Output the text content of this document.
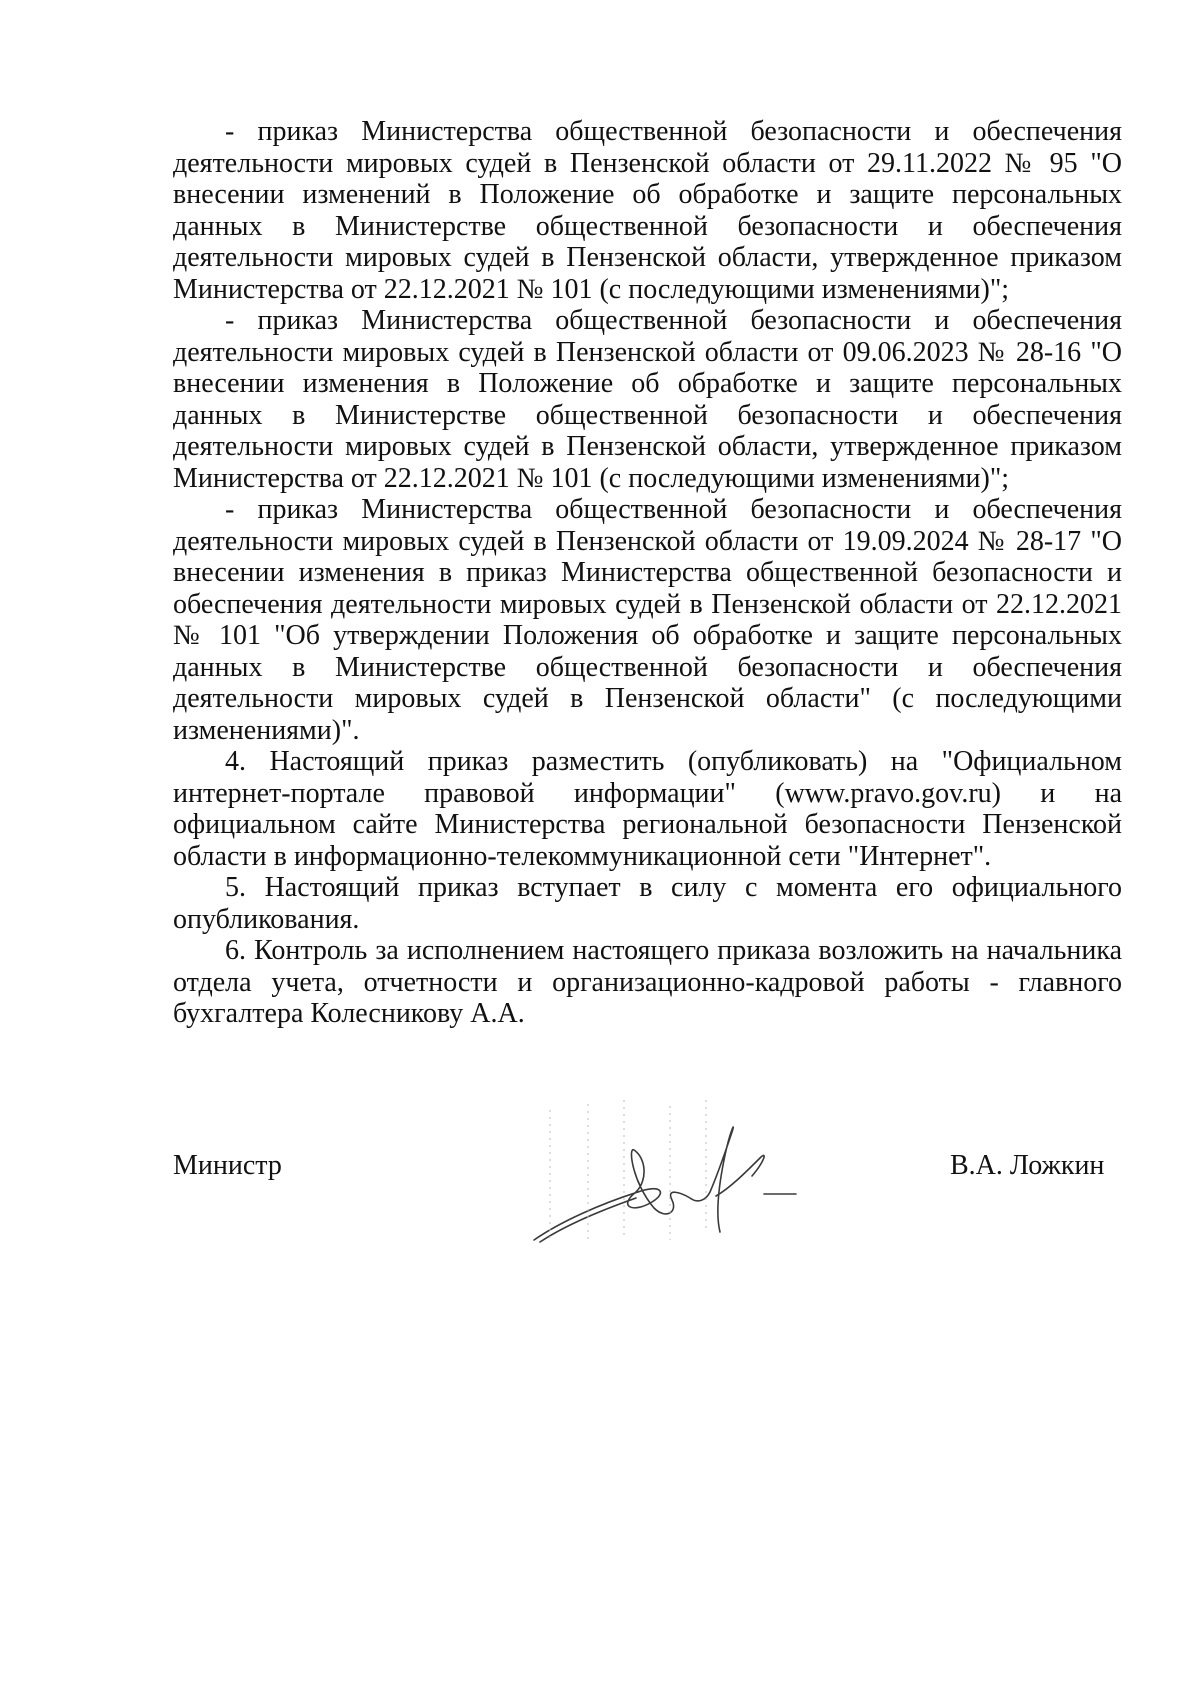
- приказ Министерства общественной безопасности и обеспечения деятельности мировых судей в Пензенской области от 29.11.2022 № 95 "О внесении изменений в Положение об обработке и защите персональных данных в Министерстве общественной безопасности и обеспечения деятельности мировых судей в Пензенской области, утвержденное приказом Министерства от 22.12.2021 № 101 (с последующими изменениями)";

- приказ Министерства общественной безопасности и обеспечения деятельности мировых судей в Пензенской области от 09.06.2023 № 28-16 "О внесении изменения в Положение об обработке и защите персональных данных в Министерстве общественной безопасности и обеспечения деятельности мировых судей в Пензенской области, утвержденное приказом Министерства от 22.12.2021 № 101 (с последующими изменениями)";

- приказ Министерства общественной безопасности и обеспечения деятельности мировых судей в Пензенской области от 19.09.2024 № 28-17 "О внесении изменения в приказ Министерства общественной безопасности и обеспечения деятельности мировых судей в Пензенской области от 22.12.2021 № 101 "Об утверждении Положения об обработке и защите персональных данных в Министерстве общественной безопасности и обеспечения деятельности мировых судей в Пензенской области" (с последующими изменениями)".

4. Настоящий приказ разместить (опубликовать) на "Официальном интернет-портале правовой информации" (www.pravo.gov.ru) и на официальном сайте Министерства региональной безопасности Пензенской области в информационно-телекоммуникационной сети "Интернет".

5. Настоящий приказ вступает в силу с момента его официального опубликования.

6. Контроль за исполнением настоящего приказа возложить на начальника отдела учета, отчетности и организационно-кадровой работы - главного бухгалтера Колесникову А.А.

Министр	В.А. Ложкин
